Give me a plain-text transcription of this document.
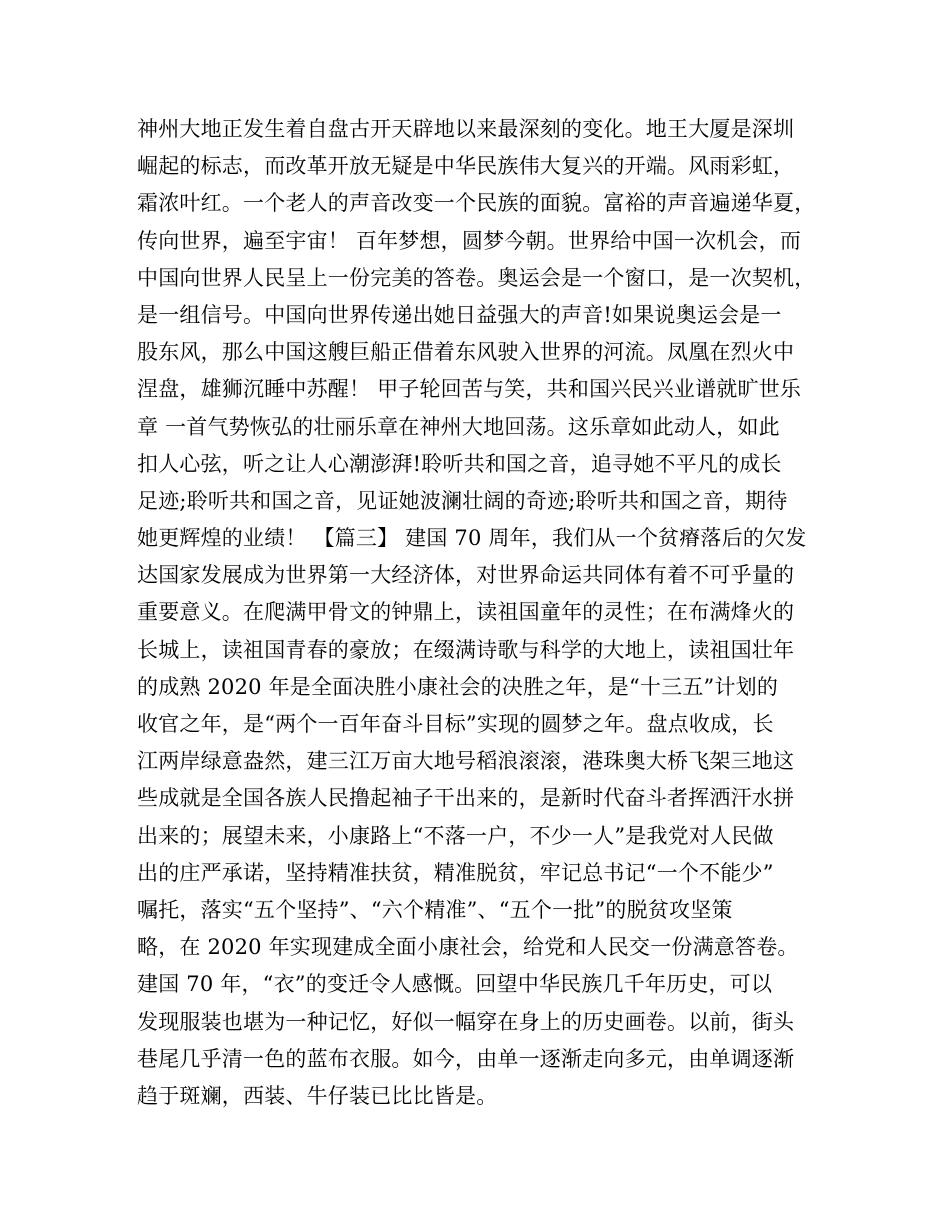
神州大地正发生着自盘古开天辟地以来最深刻的变化。地王大厦是深圳
崛起的标志，而改革开放无疑是中华民族伟大复兴的开端。风雨彩虹，
霜浓叶红。一个老人的声音改变一个民族的面貌。富裕的声音遍递华夏，
传向世界，遍至宇宙！ 百年梦想，圆梦今朝。世界给中国一次机会，而
中国向世界人民呈上一份完美的答卷。奥运会是一个窗口，是一次契机，
是一组信号。中国向世界传递出她日益强大的声音!如果说奥运会是一
股东风，那么中国这艘巨船正借着东风驶入世界的河流。凤凰在烈火中
涅盘，雄狮沉睡中苏醒！ 甲子轮回苦与笑，共和国兴民兴业谱就旷世乐
章 一首气势恢弘的壮丽乐章在神州大地回荡。这乐章如此动人，如此
扣人心弦，听之让人心潮澎湃!聆听共和国之音，追寻她不平凡的成长
足迹;聆听共和国之音，见证她波澜壮阔的奇迹;聆听共和国之音，期待
她更辉煌的业绩！ 【篇三】 建国 70 周年，我们从一个贫瘠落后的欠发
达国家发展成为世界第一大经济体，对世界命运共同体有着不可乎量的
重要意义。在爬满甲骨文的钟鼎上，读祖国童年的灵性；在布满烽火的
长城上，读祖国青春的豪放；在缀满诗歌与科学的大地上，读祖国壮年
的成熟 2020 年是全面决胜小康社会的决胜之年，是“十三五”计划的
收官之年，是“两个一百年奋斗目标”实现的圆梦之年。盘点收成，长
江两岸绿意盎然，建三江万亩大地号稻浪滚滚，港珠奥大桥飞架三地这
些成就是全国各族人民撸起袖子干出来的，是新时代奋斗者挥洒汗水拼
出来的；展望未来，小康路上“不落一户，不少一人”是我党对人民做
出的庄严承诺，坚持精准扶贫，精准脱贫，牢记总书记“一个不能少”
嘱托，落实“五个坚持”、“六个精准”、“五个一批”的脱贫攻坚策
略，在 2020 年实现建成全面小康社会，给党和人民交一份满意答卷。
建国 70 年，“衣”的变迁令人感慨。回望中华民族几千年历史，可以
发现服装也堪为一种记忆，好似一幅穿在身上的历史画卷。以前，街头
巷尾几乎清一色的蓝布衣服。如今，由单一逐渐走向多元，由单调逐渐
趋于斑斓，西装、牛仔装已比比皆是。
